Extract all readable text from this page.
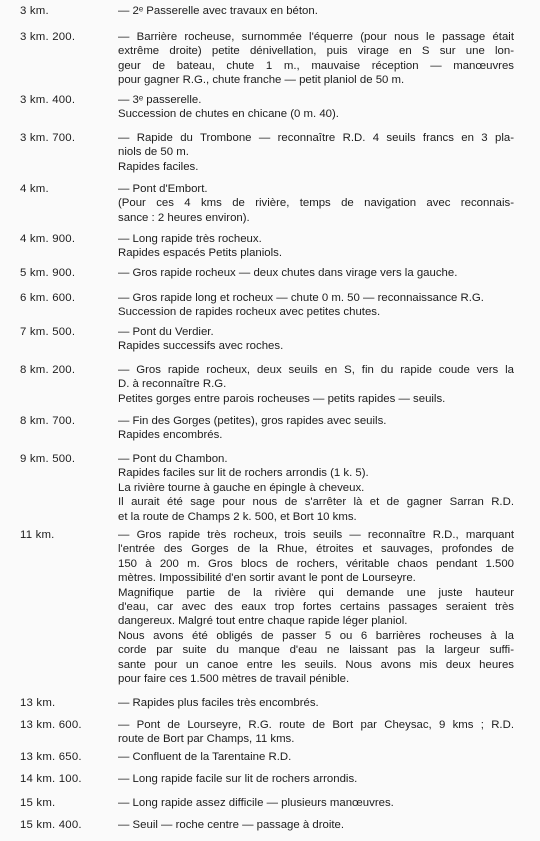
3 km.	— 2ᵉ Passerelle avec travaux en béton.
3 km. 200.	— Barrière rocheuse, surnommée l'équerre (pour nous le passage était
extrême droite) petite dénivellation, puis virage en S sur une lon-
geur de bateau, chute 1 m., mauvaise réception — manœuvres
pour gagner R.G., chute franche — petit planiol de 50 m.
3 km. 400.	— 3ᵉ passerelle.
Succession de chutes en chicane (0 m. 40).
3 km. 700.	— Rapide du Trombone — reconnaître R.D. 4 seuils francs en 3 pla-
niols de 50 m.
Rapides faciles.
4 km.	— Pont d'Embort.
(Pour ces 4 kms de rivière, temps de navigation avec reconnais-
sance : 2 heures environ).
4 km. 900.	— Long rapide très rocheux.
Rapides espacés Petits planiols.
5 km. 900.	— Gros rapide rocheux — deux chutes dans virage vers la gauche.
6 km. 600.	— Gros rapide long et rocheux — chute 0 m. 50 — reconnaissance R.G.
Succession de rapides rocheux avec petites chutes.
7 km. 500.	— Pont du Verdier.
Rapides successifs avec roches.
8 km. 200.	— Gros rapide rocheux, deux seuils en S, fin du rapide coude vers la
D. à reconnaître R.G.
Petites gorges entre parois rocheuses — petits rapides — seuils.
8 km. 700.	— Fin des Gorges (petites), gros rapides avec seuils.
Rapides encombrés.
9 km. 500.	— Pont du Chambon.
Rapides faciles sur lit de rochers arrondis (1 k. 5).
La rivière tourne à gauche en épingle à cheveux.
Il aurait été sage pour nous de s'arrêter là et de gagner Sarran R.D.
et la route de Champs 2 k. 500, et Bort 10 kms.
11 km.	— Gros rapide très rocheux, trois seuils — reconnaître R.D., marquant
l'entrée des Gorges de la Rhue, étroites et sauvages, profondes de
150 à 200 m. Gros blocs de rochers, véritable chaos pendant 1.500
mètres. Impossibilité d'en sortir avant le pont de Lourseyre.
Magnifique partie de la rivière qui demande une juste hauteur
d'eau, car avec des eaux trop fortes certains passages seraient très
dangereux. Malgré tout entre chaque rapide léger planiol.
Nous avons été obligés de passer 5 ou 6 barrières rocheuses à la
corde par suite du manque d'eau ne laissant pas la largeur suffi-
sante pour un canoe entre les seuils. Nous avons mis deux heures
pour faire ces 1.500 mètres de travail pénible.
13 km.	— Rapides plus faciles très encombrés.
13 km. 600.	— Pont de Lourseyre, R.G. route de Bort par Cheysac, 9 kms ; R.D.
route de Bort par Champs, 11 kms.
13 km. 650.	— Confluent de la Tarentaine R.D.
14 km. 100.	— Long rapide facile sur lit de rochers arrondis.
15 km.	— Long rapide assez difficile — plusieurs manœuvres.
15 km. 400.	— Seuil — roche centre — passage à droite.
